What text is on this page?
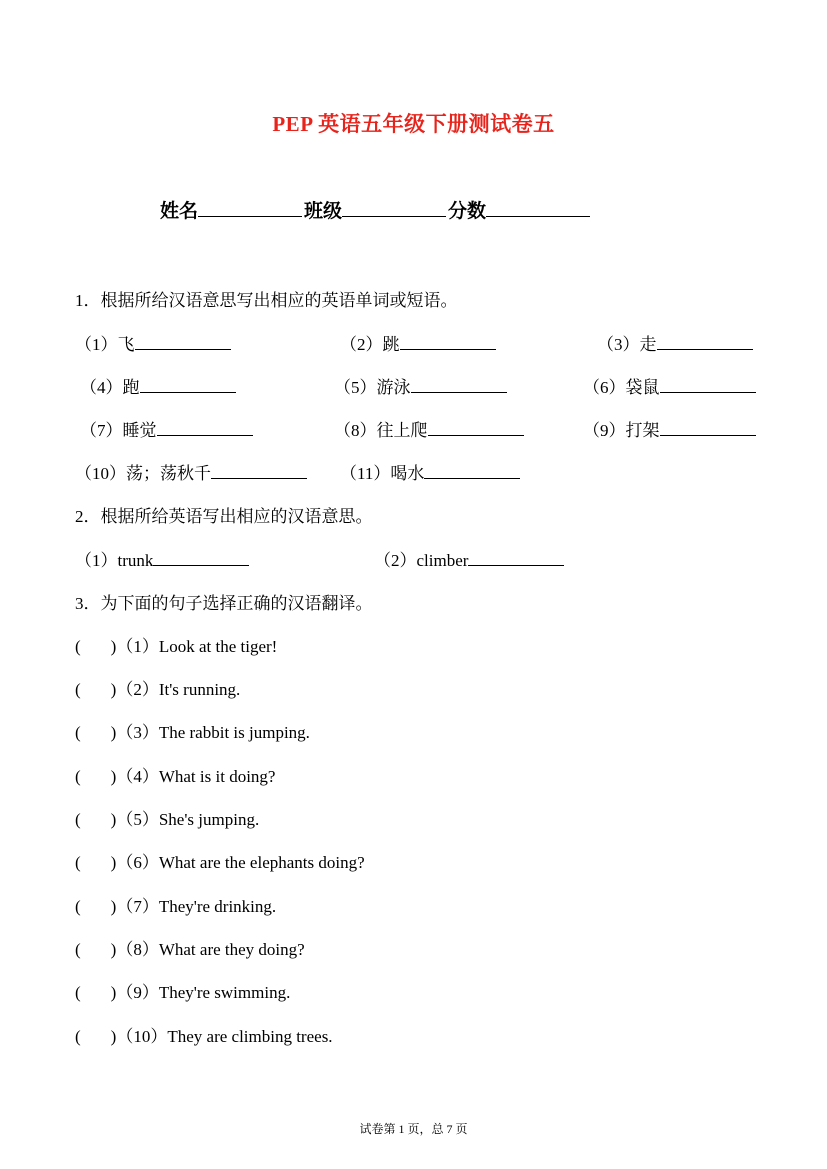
PEP 英语五年级下册测试卷五
姓名	班级	分数
1．根据所给汉语意思写出相应的英语单词或短语。
（1）飞	（2）跳	（3）走
（4）跑	（5）游泳	（6）袋鼠
（7）睡觉	（8）往上爬	（9）打架
（10）荡；荡秋千	（11）喝水
2．根据所给英语写出相应的汉语意思。
（1）trunk	（2）climber
3．为下面的句子选择正确的汉语翻译。
( )（1）Look at the tiger!
( )（2）It's running.
( )（3）The rabbit is jumping.
( )（4）What is it doing?
( )（5）She's jumping.
( )（6）What are the elephants doing?
( )（7）They're drinking.
( )（8）What are they doing?
( )（9）They're swimming.
( )（10）They are climbing trees.
试卷第 1 页，总 7 页
